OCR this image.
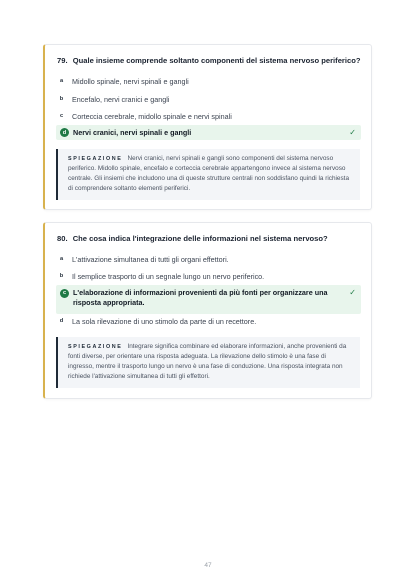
79. Quale insieme comprende soltanto componenti del sistema nervoso periferico?
a	Midollo spinale, nervi spinali e gangli
b	Encefalo, nervi cranici e gangli
c	Corteccia cerebrale, midollo spinale e nervi spinali
d Nervi cranici, nervi spinali e gangli	✓
SPIEGAZIONE Nervi cranici, nervi spinali e gangli sono componenti del sistema nervoso periferico. Midollo spinale, encefalo e corteccia cerebrale appartengono invece al sistema nervoso centrale. Gli insiemi che includono una di queste strutture centrali non soddisfano quindi la richiesta di comprendere soltanto elementi periferici.
80. Che cosa indica l'integrazione delle informazioni nel sistema nervoso?
a	L'attivazione simultanea di tutti gli organi effettori.
b	Il semplice trasporto di un segnale lungo un nervo periferico.
c L'elaborazione di informazioni provenienti da più fonti per organizzare una risposta appropriata.
✓
d	La sola rilevazione di uno stimolo da parte di un recettore.
SPIEGAZIONE Integrare significa combinare ed elaborare informazioni, anche provenienti da fonti diverse, per orientare una risposta adeguata. La rilevazione dello stimolo è una fase di ingresso, mentre il trasporto lungo un nervo è una fase di conduzione. Una risposta integrata non richiede l'attivazione simultanea di tutti gli effettori.
47
